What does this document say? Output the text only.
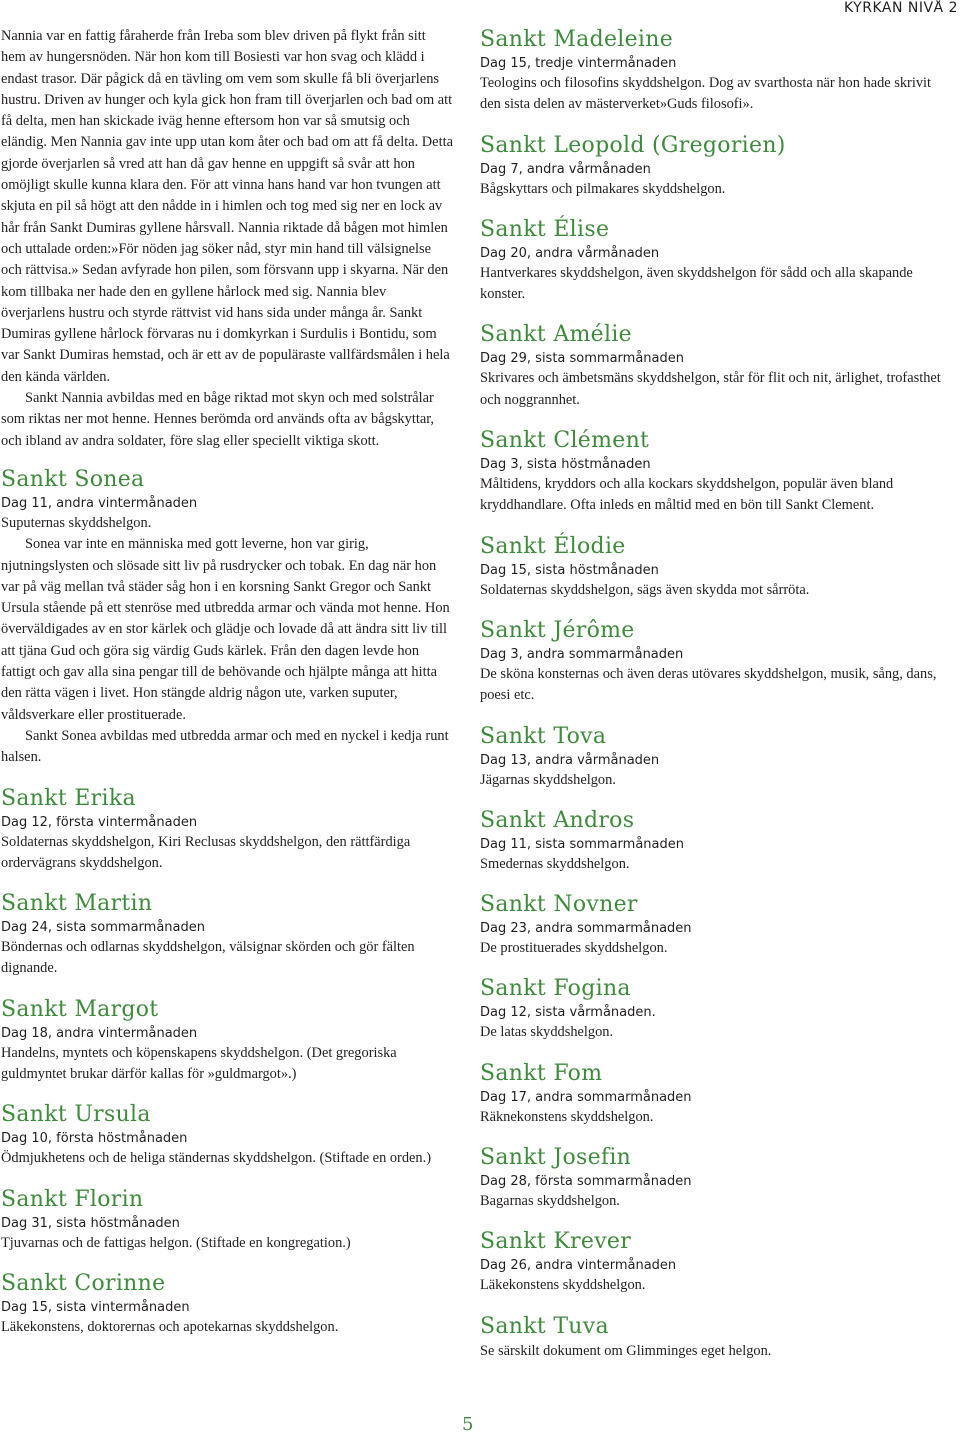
KYRKAN NIVÅ 2

Nannia var en fattig fåraherde från Ireba som blev driven på flykt från sitt hem av hungersnöden. När hon kom till Bosiesti var hon svag och klädd i endast trasor. Där pågick då en tävling om vem som skulle få bli överjarlens hustru. Driven av hunger och kyla gick hon fram till överjarlen och bad om att få delta, men han skickade iväg henne eftersom hon var så smutsig och eländig. Men Nannia gav inte upp utan kom åter och bad om att få delta. Detta gjorde överjarlen så vred att han då gav henne en uppgift så svår att hon omöjligt skulle kunna klara den. För att vinna hans hand var hon tvungen att skjuta en pil så högt att den nådde in i himlen och tog med sig ner en lock av hår från Sankt Dumiras gyllene hårsvall. Nannia riktade då bågen mot himlen och uttalade orden:»För nöden jag söker nåd, styr min hand till välsignelse och rättvisa.» Sedan avfyrade hon pilen, som försvann upp i skyarna. När den kom tillbaka ner hade den en gyllene hårlock med sig. Nannia blev överjarlens hustru och styrde rättvist vid hans sida under många år. Sankt Dumiras gyllene hårlock förvaras nu i domkyrkan i Surdulis i Bontidu, som var Sankt Dumiras hemstad, och är ett av de populäraste vallfärdsmålen i hela den kända världen.

Sankt Nannia avbildas med en båge riktad mot skyn och med solstrålar som riktas ner mot henne. Hennes berömda ord används ofta av bågskyttar, och ibland av andra soldater, före slag eller speciellt viktiga skott.

Sankt Sonea
Dag 11, andra vintermånaden

Suputernas skyddshelgon.

Sonea var inte en människa med gott leverne, hon var girig, njutningslysten och slösade sitt liv på rusdrycker och tobak. En dag när hon var på väg mellan två städer såg hon i en korsning Sankt Gregor och Sankt Ursula stående på ett stenröse med utbredda armar och vända mot henne. Hon överväldigades av en stor kärlek och glädje och lovade då att ändra sitt liv till att tjäna Gud och göra sig värdig Guds kärlek. Från den dagen levde hon fattigt och gav alla sina pengar till de behövande och hjälpte många att hitta den rätta vägen i livet. Hon stängde aldrig någon ute, varken suputer, våldsverkare eller prostituerade.

Sankt Sonea avbildas med utbredda armar och med en nyckel i kedja runt halsen.

Sankt Erika
Dag 12, första vintermånaden

Soldaternas skyddshelgon, Kiri Reclusas skyddshelgon, den rättfärdiga ordervägrans skyddshelgon.

Sankt Martin
Dag 24, sista sommarmånaden

Böndernas och odlarnas skyddshelgon, välsignar skörden och gör fälten dignande.

Sankt Margot
Dag 18, andra vintermånaden

Handelns, myntets och köpenskapens skyddshelgon. (Det gregoriska guldmyntet brukar därför kallas för »guldmargot».)

Sankt Ursula
Dag 10, första höstmånaden

Ödmjukhetens och de heliga ständernas skyddshelgon. (Stiftade en orden.)

Sankt Florin
Dag 31, sista höstmånaden

Tjuvarnas och de fattigas helgon. (Stiftade en kongregation.)

Sankt Corinne
Dag 15, sista vintermånaden

Läkekonstens, doktorernas och apotekarnas skyddshelgon.

Sankt Madeleine
Dag 15, tredje vintermånaden

Teologins och filosofins skyddshelgon. Dog av svarthosta när hon hade skrivit den sista delen av mästerverket»Guds filosofi».

Sankt Leopold (Gregorien)
Dag 7, andra vårmånaden

Bågskyttars och pilmakares skyddshelgon.

Sankt Élise
Dag 20, andra vårmånaden

Hantverkares skyddshelgon, även skyddshelgon för sådd och alla skapande konster.

Sankt Amélie
Dag 29, sista sommarmånaden

Skrivares och ämbetsmäns skyddshelgon, står för flit och nit, ärlighet, trofasthet och noggrannhet.

Sankt Clément
Dag 3, sista höstmånaden

Måltidens, kryddors och alla kockars skyddshelgon, populär även bland kryddhandlare. Ofta inleds en måltid med en bön till Sankt Clement.

Sankt Élodie
Dag 15, sista höstmånaden

Soldaternas skyddshelgon, sägs även skydda mot sårröta.

Sankt Jérôme
Dag 3, andra sommarmånaden

De sköna konsternas och även deras utövares skyddshelgon, musik, sång, dans, poesi etc.

Sankt Tova
Dag 13, andra vårmånaden

Jägarnas skyddshelgon.

Sankt Andros
Dag 11, sista sommarmånaden

Smedernas skyddshelgon.

Sankt Novner
Dag 23, andra sommarmånaden

De prostituerades skyddshelgon.

Sankt Fogina
Dag 12, sista vårmånaden.

De latas skyddshelgon.

Sankt Fom
Dag 17, andra sommarmånaden

Räknekonstens skyddshelgon.

Sankt Josefin
Dag 28, första sommarmånaden

Bagarnas skyddshelgon.

Sankt Krever
Dag 26, andra vintermånaden

Läkekonstens skyddshelgon.

Sankt Tuva

Se särskilt dokument om Glimminges eget helgon.

5
